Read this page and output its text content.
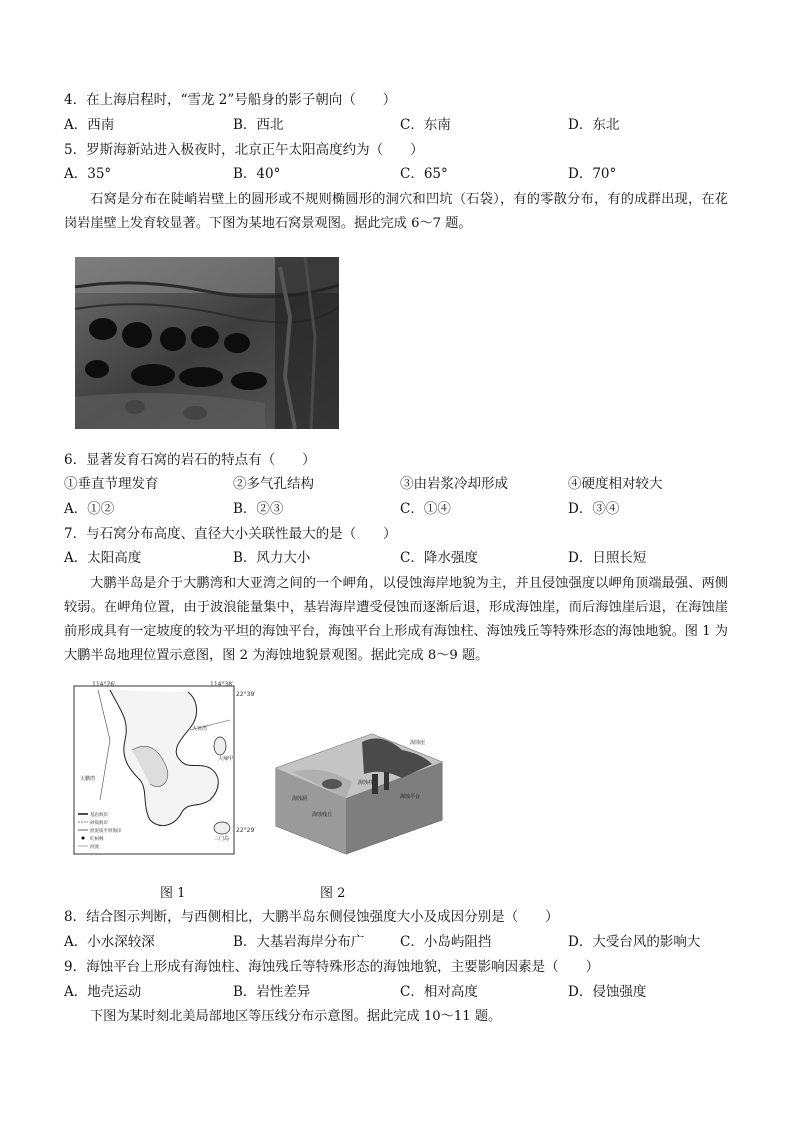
4．在上海启程时，“雪龙 2”号船身的影子朝向（　　）
A．西南	B．西北	C．东南	D．东北
5．罗斯海新站进入极夜时，北京正午太阳高度约为（　　）
A．35°	B．40°	C．65°	D．70°
石窝是分布在陡峭岩壁上的圆形或不规则椭圆形的洞穴和凹坑（石袋），有的零散分布，有的成群出现，在花岗岩崖壁上发育较显著。下图为某地石窝景观图。据此完成 6～7 题。
6．显著发育石窝的岩石的特点有（　　）
①垂直节理发育	②多气孔结构	③由岩浆冷却形成	④硬度相对较大
A．①②	B．②③	C．①④	D．③④
7．与石窝分布高度、直径大小关联性最大的是（　　）
A．太阳高度	B．风力大小	C．降水强度	D．日照长短
大鹏半岛是介于大鹏湾和大亚湾之间的一个岬角，以侵蚀海岸地貌为主，并且侵蚀强度以岬角顶端最强、两侧较弱。在岬角位置，由于波浪能量集中，基岩海岸遭受侵蚀而逐渐后退，形成海蚀崖，而后海蚀崖后退，在海蚀崖前形成具有一定坡度的较为平坦的海蚀平台，海蚀平台上形成有海蚀柱、海蚀残丘等特殊形态的海蚀地貌。图 1 为大鹏半岛地理位置示意图，图 2 为海蚀地貌景观图。据此完成 8～9 题。
114°26′	114°38′
22°39′
22°29′
大鹏湾
大亚湾
大辣甲
三门岛
基岩海岸
砂质海岸
淤泥质平原海岸
红树林
河流
图 1
海蚀崖
海蚀柱
海蚀平台
海蚀洞
海蚀残丘
图 2
8．结合图示判断，与西侧相比，大鹏半岛东侧侵蚀强度大小及成因分别是（　　）
A．小水深较深	B．大基岩海岸分布广	C．小岛屿阻挡	D．大受台风的影响大
9．海蚀平台上形成有海蚀柱、海蚀残丘等特殊形态的海蚀地貌，主要影响因素是（　　）
A．地壳运动	B．岩性差异	C．相对高度	D．侵蚀强度
下图为某时刻北美局部地区等压线分布示意图。据此完成 10～11 题。
